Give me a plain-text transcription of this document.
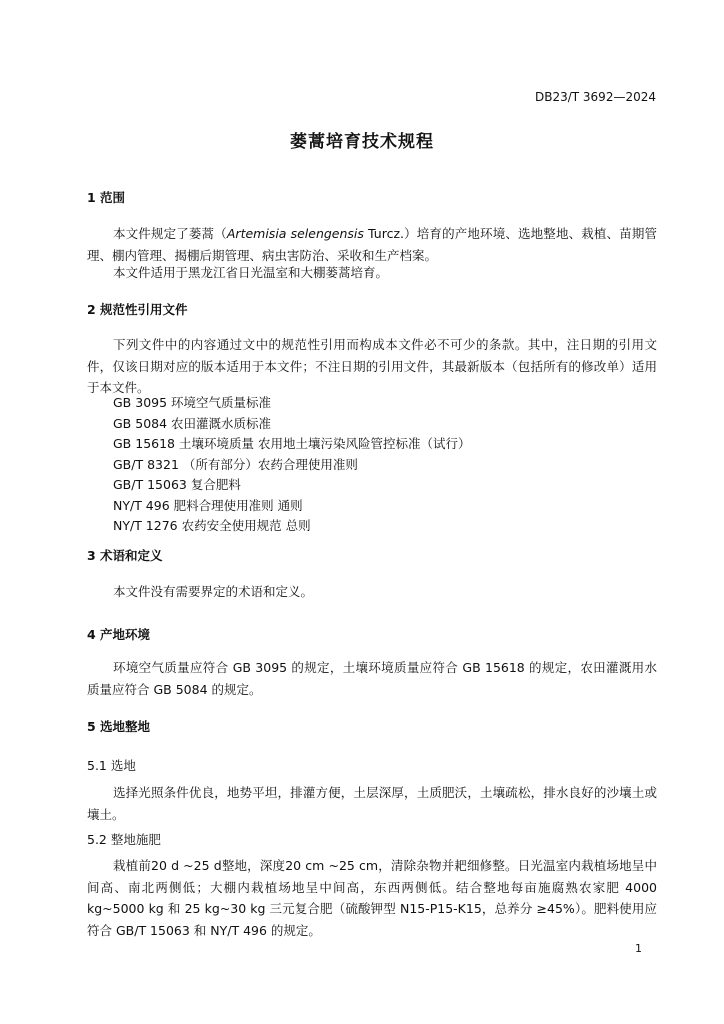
DB23/T 3692—2024
蒌蒿培育技术规程
1 范围

本文件规定了蒌蒿（Artemisia selengensis Turcz.）培育的产地环境、选地整地、栽植、苗期管理、棚内管理、揭棚后期管理、病虫害防治、采收和生产档案。

本文件适用于黑龙江省日光温室和大棚蒌蒿培育。

2 规范性引用文件

下列文件中的内容通过文中的规范性引用而构成本文件必不可少的条款。其中，注日期的引用文件，仅该日期对应的版本适用于本文件；不注日期的引用文件，其最新版本（包括所有的修改单）适用于本文件。

GB 3095 环境空气质量标准
GB 5084 农田灌溉水质标准
GB 15618 土壤环境质量 农用地土壤污染风险管控标准（试行）
GB/T 8321 （所有部分）农药合理使用准则
GB/T 15063 复合肥料
NY/T 496 肥料合理使用准则 通则
NY/T 1276 农药安全使用规范 总则
3 术语和定义

本文件没有需要界定的术语和定义。

4 产地环境

环境空气质量应符合 GB 3095 的规定，土壤环境质量应符合 GB 15618 的规定，农田灌溉用水质量应符合 GB 5084 的规定。

5 选地整地
5.1 选地

选择光照条件优良，地势平坦，排灌方便，土层深厚，土质肥沃，土壤疏松，排水良好的沙壤土或壤土。

5.2 整地施肥

栽植前20 d ~25 d整地，深度20 cm ~25 cm，清除杂物并耙细修整。日光温室内栽植场地呈中间高、南北两侧低；大棚内栽植场地呈中间高，东西两侧低。结合整地每亩施腐熟农家肥 4000 kg~5000 kg 和 25 kg~30 kg 三元复合肥（硫酸钾型 N15-P15-K15，总养分 ≥45%）。肥料使用应符合 GB/T 15063 和 NY/T 496 的规定。

1
